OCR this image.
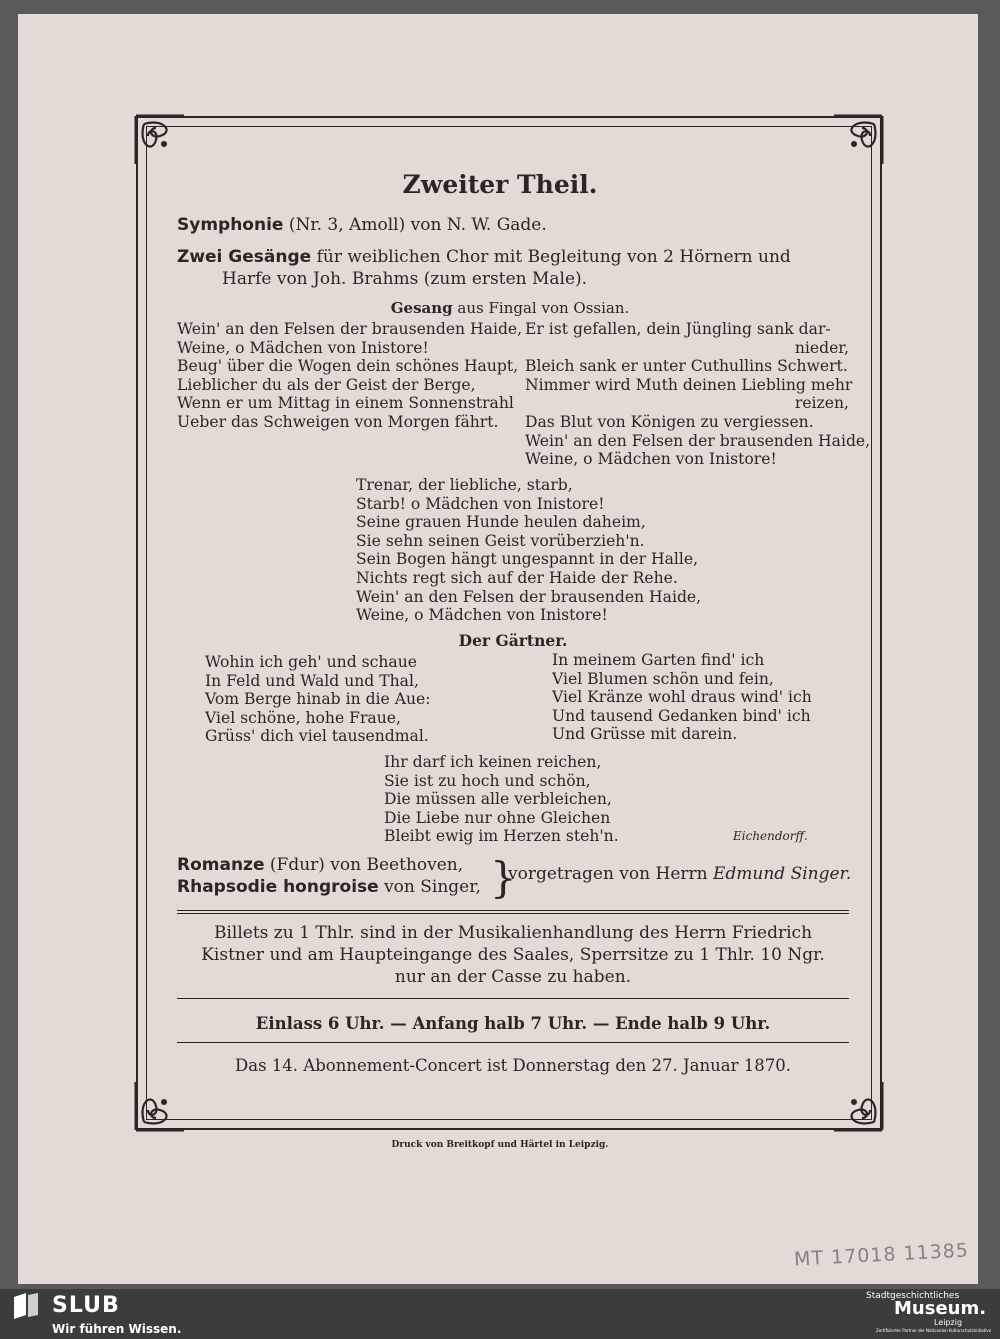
Zweiter Theil.
Symphonie (Nr. 3, Amoll) von N. W. Gade.
Zwei Gesänge für weiblichen Chor mit Begleitung von 2 Hörnern und
Harfe von Joh. Brahms (zum ersten Male).
Gesang aus Fingal von Ossian.
Wein' an den Felsen der brausenden Haide,
Weine, o Mädchen von Inistore!
Beug' über die Wogen dein schönes Haupt,
Lieblicher du als der Geist der Berge,
Wenn er um Mittag in einem Sonnenstrahl
Ueber das Schweigen von Morgen fährt.
Er ist gefallen, dein Jüngling sank dar-
nieder,
Bleich sank er unter Cuthullins Schwert.
Nimmer wird Muth deinen Liebling mehr
reizen,
Das Blut von Königen zu vergiessen.
Wein' an den Felsen der brausenden Haide,
Weine, o Mädchen von Inistore!
Trenar, der liebliche, starb,
Starb! o Mädchen von Inistore!
Seine grauen Hunde heulen daheim,
Sie sehn seinen Geist vorüberzieh'n.
Sein Bogen hängt ungespannt in der Halle,
Nichts regt sich auf der Haide der Rehe.
Wein' an den Felsen der brausenden Haide,
Weine, o Mädchen von Inistore!
Der Gärtner.
Wohin ich geh' und schaue
In Feld und Wald und Thal,
Vom Berge hinab in die Aue:
Viel schöne, hohe Fraue,
Grüss' dich viel tausendmal.
In meinem Garten find' ich
Viel Blumen schön und fein,
Viel Kränze wohl draus wind' ich
Und tausend Gedanken bind' ich
Und Grüsse mit darein.
Ihr darf ich keinen reichen,
Sie ist zu hoch und schön,
Die müssen alle verbleichen,
Die Liebe nur ohne Gleichen
Bleibt ewig im Herzen steh'n.	Eichendorff.
Romanze (Fdur) von Beethoven,
Rhapsodie hongroise von Singer, }
vorgetragen von Herrn Edmund Singer.
Billets zu 1 Thlr. sind in der Musikalienhandlung des Herrn Friedrich
Kistner und am Haupteingange des Saales, Sperrsitze zu 1 Thlr. 10 Ngr.
nur an der Casse zu haben.
Einlass 6 Uhr. — Anfang halb 7 Uhr. — Ende halb 9 Uhr.
Das 14. Abonnement-Concert ist Donnerstag den 27. Januar 1870.
Druck von Breitkopf und Härtel in Leipzig.
MT 17018 11385
SLUB
Wir führen Wissen.
Stadtgeschichtliches
Museum.
Leipzig
Zertifizierter Partner der Nationalen Kulturschutzinitiative
